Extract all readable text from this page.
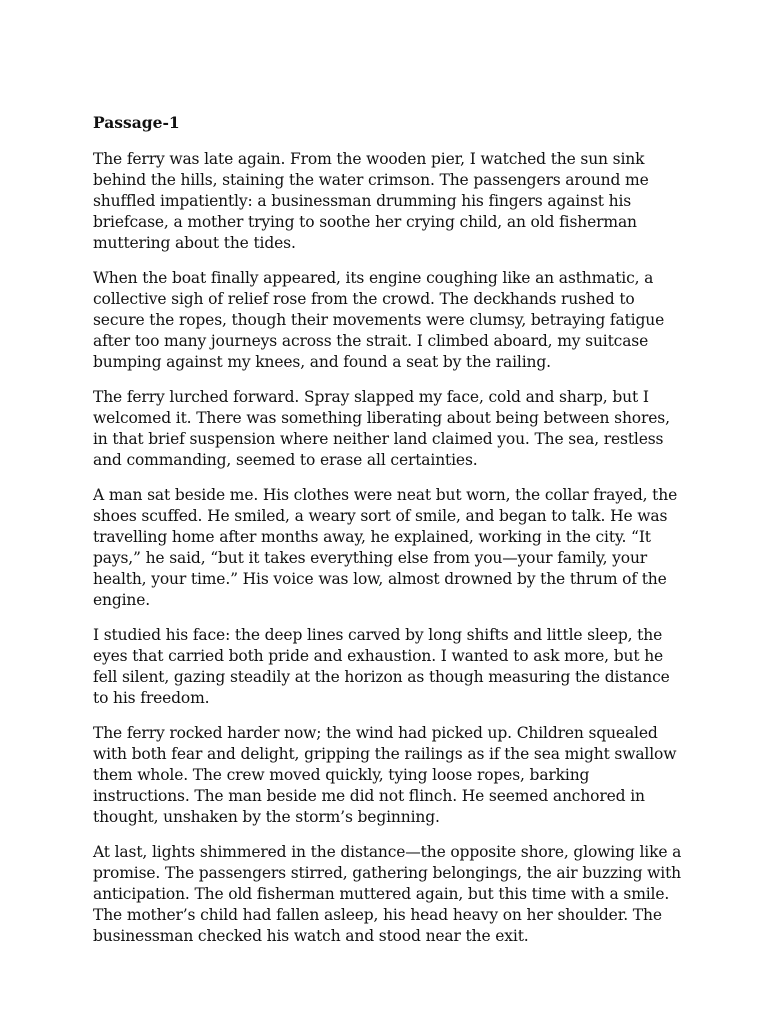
Passage-1

The ferry was late again. From the wooden pier, I watched the sun sink behind the hills, staining the water crimson. The passengers around me shuffled impatiently: a businessman drumming his fingers against his briefcase, a mother trying to soothe her crying child, an old fisherman muttering about the tides.

When the boat finally appeared, its engine coughing like an asthmatic, a collective sigh of relief rose from the crowd. The deckhands rushed to secure the ropes, though their movements were clumsy, betraying fatigue after too many journeys across the strait. I climbed aboard, my suitcase bumping against my knees, and found a seat by the railing.

The ferry lurched forward. Spray slapped my face, cold and sharp, but I welcomed it. There was something liberating about being between shores, in that brief suspension where neither land claimed you. The sea, restless and commanding, seemed to erase all certainties.

A man sat beside me. His clothes were neat but worn, the collar frayed, the shoes scuffed. He smiled, a weary sort of smile, and began to talk. He was travelling home after months away, he explained, working in the city. “It pays,” he said, “but it takes everything else from you—your family, your health, your time.” His voice was low, almost drowned by the thrum of the engine.

I studied his face: the deep lines carved by long shifts and little sleep, the eyes that carried both pride and exhaustion. I wanted to ask more, but he fell silent, gazing steadily at the horizon as though measuring the distance to his freedom.

The ferry rocked harder now; the wind had picked up. Children squealed with both fear and delight, gripping the railings as if the sea might swallow them whole. The crew moved quickly, tying loose ropes, barking instructions. The man beside me did not flinch. He seemed anchored in thought, unshaken by the storm’s beginning.

At last, lights shimmered in the distance—the opposite shore, glowing like a promise. The passengers stirred, gathering belongings, the air buzzing with anticipation. The old fisherman muttered again, but this time with a smile. The mother’s child had fallen asleep, his head heavy on her shoulder. The businessman checked his watch and stood near the exit.
